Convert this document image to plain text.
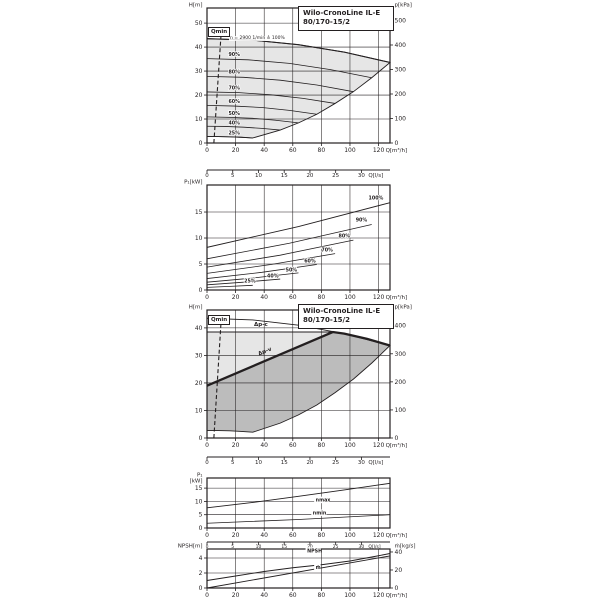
90%
80%
70%
60%
50%
40%
25%
0	20	40	60	80	100	120 Q[m³/h]
0
10
20
30
40
50
H[m]
0
100
200
300
400
500
p[kPa]
0	5	10	15	20	25	30 Q[l/s]
100%
90%
80%
70%
60%
50%
40%
25%
0	20	40	60	80	100	120 Q[m³/h]
0
5
10
15
P₁[kW]
0	20	40	60	80	100	120 Q[m³/h]
0
10
20
30
40
H[m]
0
100
200
300
400
p[kPa]
0	5	10	15	20	25	30 Q[l/s]
nmax
nmin
0	20	40	60	80	100	120 Q[m³/h]
0
5
10
15
P₁
[kW]
0	5	10	15	25	30 Q[l/s]
NPSH
ṁ
0	20	40	60	80	100	120 Q[m³/h]
0
2
4
NPSH[m]
0
20
40
ṁ[kg/s]
Wilo-CronoLine IL-E
80/170-15/2
Wilo-CronoLine IL-E
80/170-15/2
Qmin
Qmin
n = 2900 1/min ≙ 100%
Δp-c
Δp-v
